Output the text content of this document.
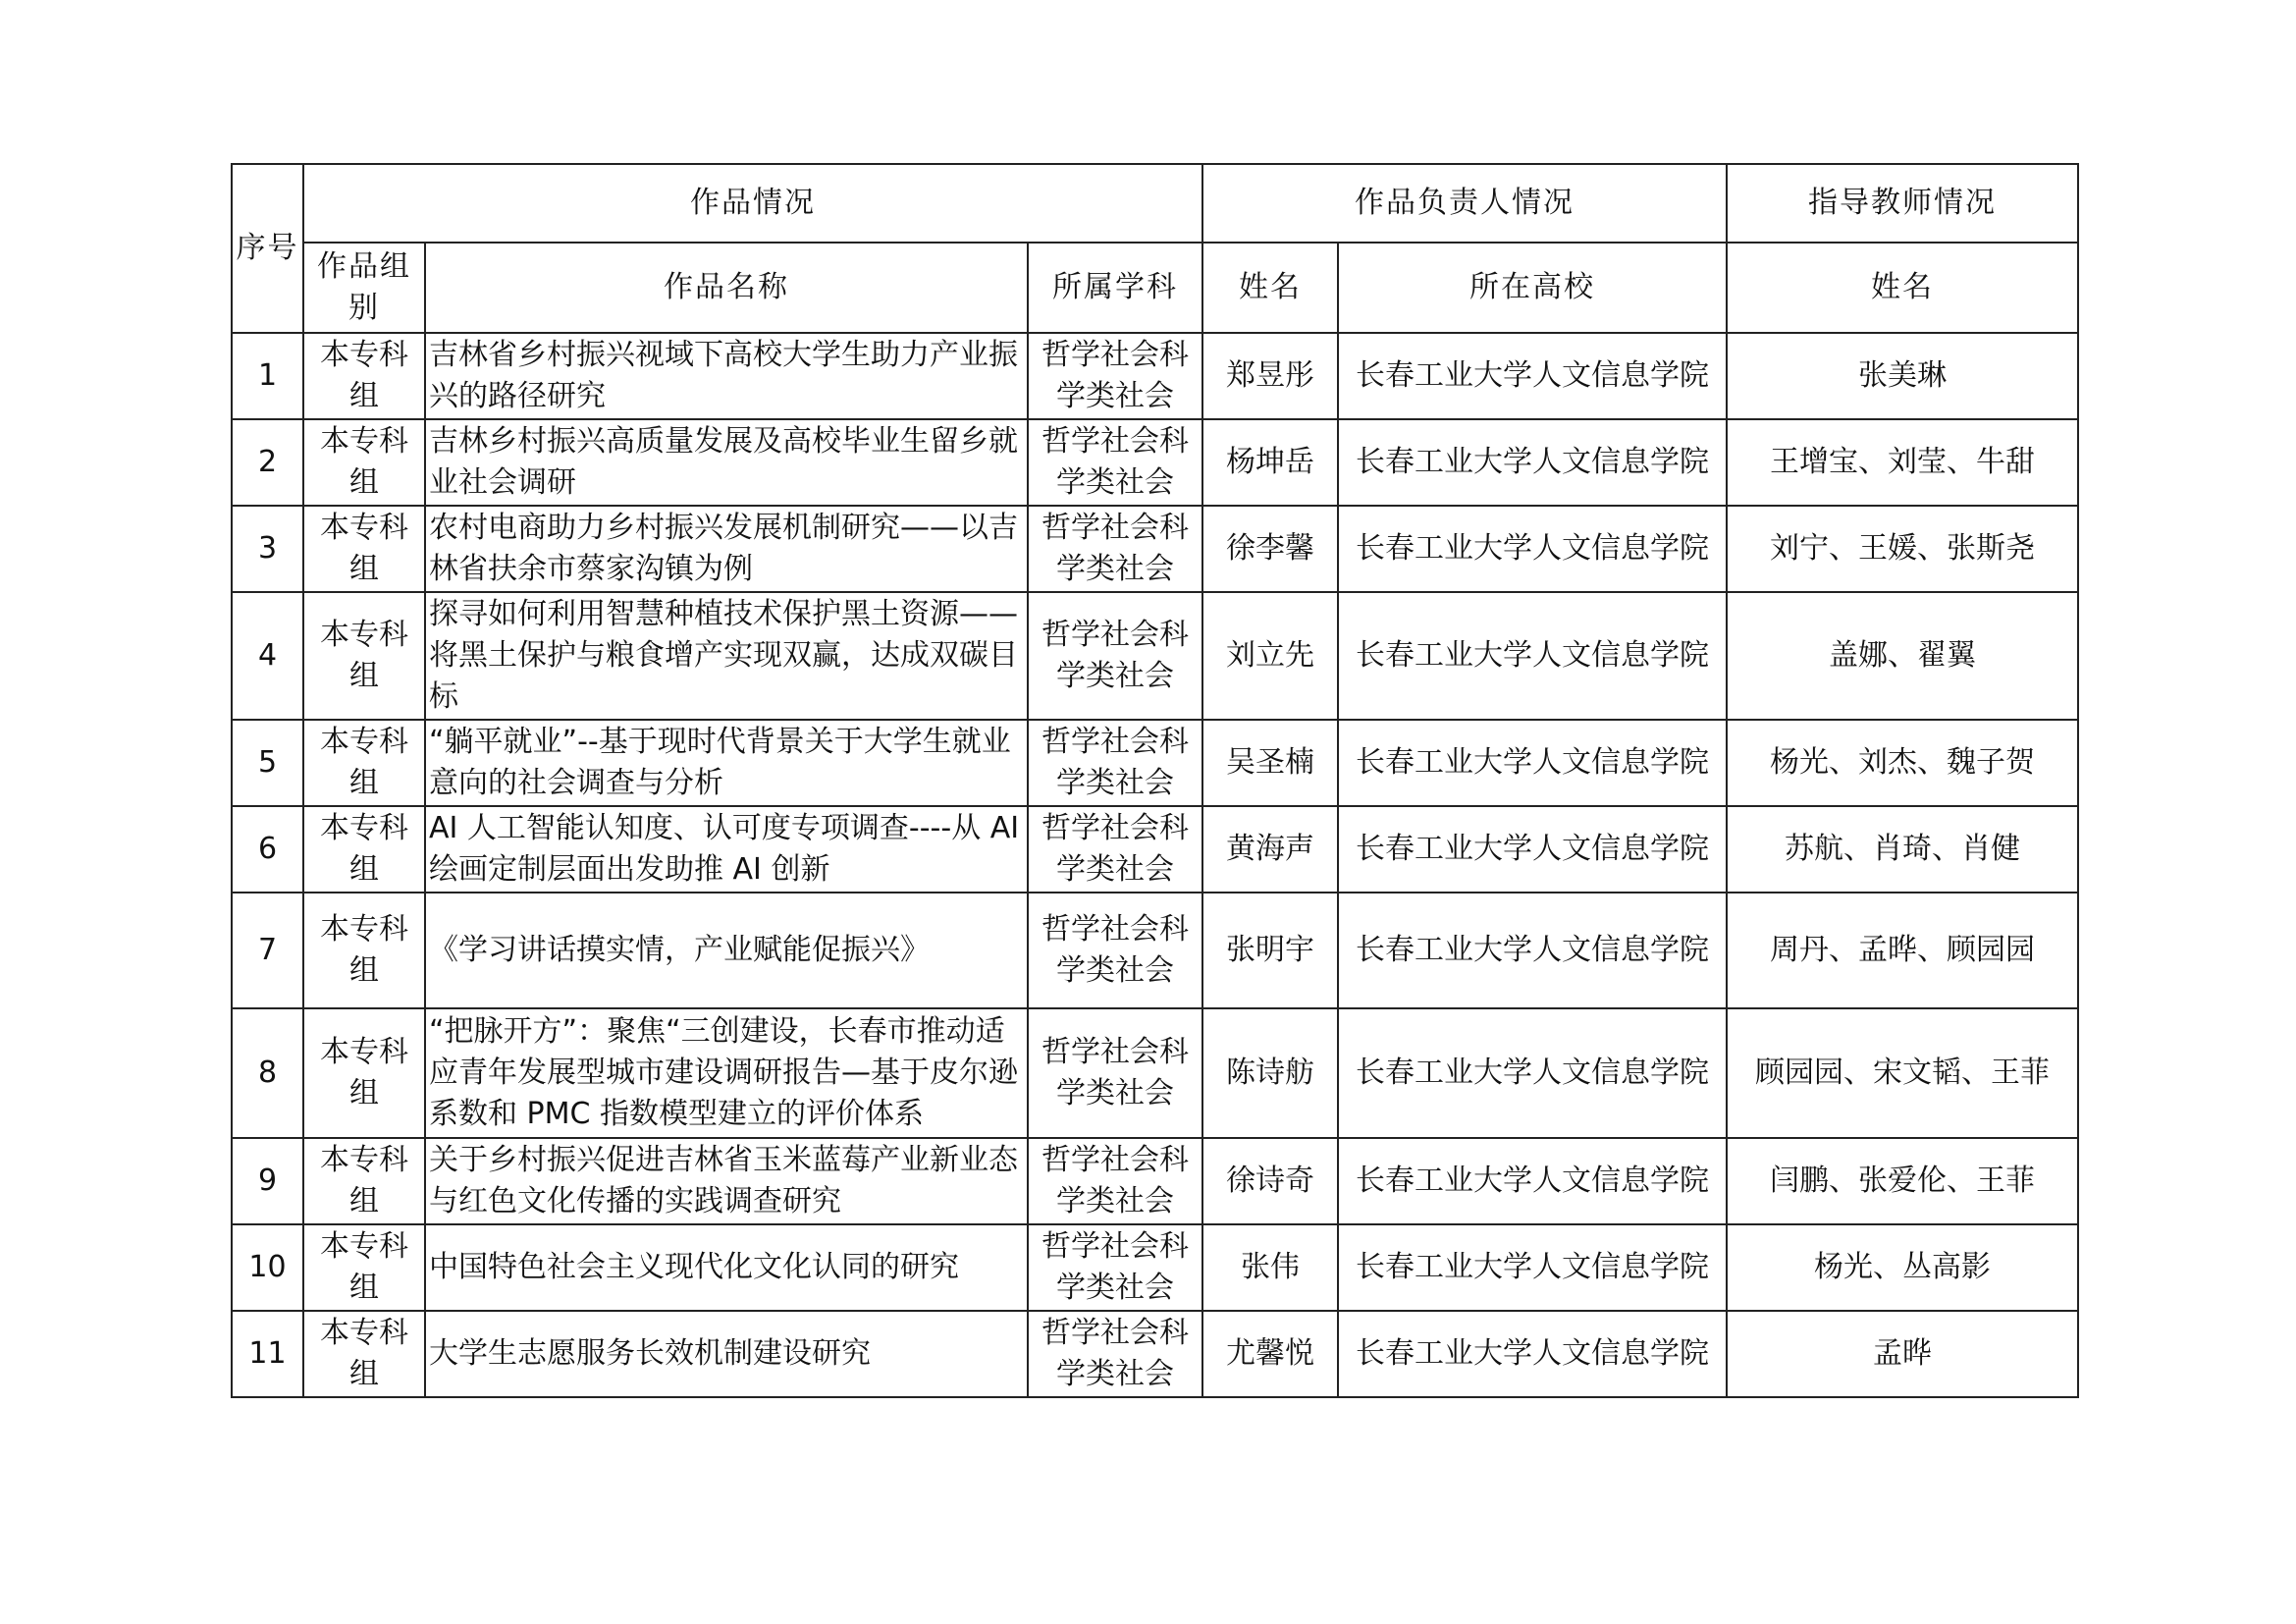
序号	作品情况			作品负责人情况		指导教师情况
	作品组别	作品名称	所属学科	姓名	所在高校	姓名
1	本专科组	吉林省乡村振兴视域下高校大学生助力产业振兴的路径研究	哲学社会科学类社会	郑昱彤	长春工业大学人文信息学院	张美琳
2	本专科组	吉林乡村振兴高质量发展及高校毕业生留乡就业社会调研	哲学社会科学类社会	杨坤岳	长春工业大学人文信息学院	王增宝、刘莹、牛甜
3	本专科组	农村电商助力乡村振兴发展机制研究——以吉林省扶余市蔡家沟镇为例	哲学社会科学类社会	徐李馨	长春工业大学人文信息学院	刘宁、王媛、张斯尧
4	本专科组	探寻如何利用智慧种植技术保护黑土资源——将黑土保护与粮食增产实现双赢，达成双碳目标	哲学社会科学类社会	刘立先	长春工业大学人文信息学院	盖娜、翟翼
5	本专科组	“躺平就业”--基于现时代背景关于大学生就业意向的社会调查与分析	哲学社会科学类社会	吴圣楠	长春工业大学人文信息学院	杨光、刘杰、魏子贺
6	本专科组	AI 人工智能认知度、认可度专项调查----从 AI 绘画定制层面出发助推 AI 创新	哲学社会科学类社会	黄海声	长春工业大学人文信息学院	苏航、肖琦、肖健
7	本专科组	《学习讲话摸实情，产业赋能促振兴》	哲学社会科学类社会	张明宇	长春工业大学人文信息学院	周丹、孟晔、顾园园
8	本专科组	“把脉开方”：聚焦“三创建设，长春市推动适应青年发展型城市建设调研报告—基于皮尔逊系数和 PMC 指数模型建立的评价体系	哲学社会科学类社会	陈诗舫	长春工业大学人文信息学院	顾园园、宋文韬、王菲
9	本专科组	关于乡村振兴促进吉林省玉米蓝莓产业新业态与红色文化传播的实践调查研究	哲学社会科学类社会	徐诗奇	长春工业大学人文信息学院	闫鹏、张爱伦、王菲
10	本专科组	中国特色社会主义现代化文化认同的研究	哲学社会科学类社会	张伟	长春工业大学人文信息学院	杨光、丛高影
11	本专科组	大学生志愿服务长效机制建设研究	哲学社会科学类社会	尤馨悦	长春工业大学人文信息学院	孟晔
